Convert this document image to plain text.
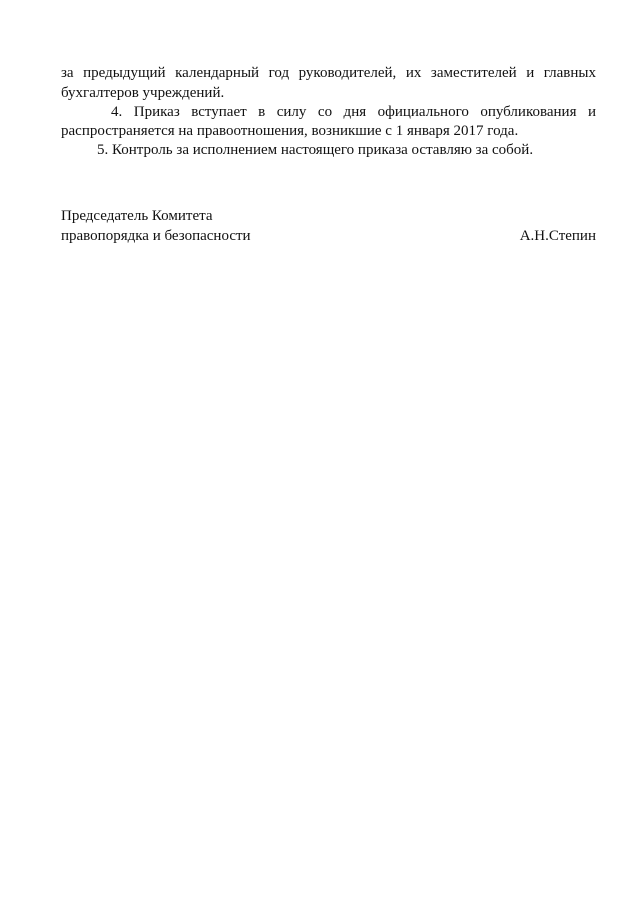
за предыдущий календарный год руководителей, их заместителей и главных
бухгалтеров учреждений.
4. Приказ вступает в силу со дня официального опубликования и
распространяется на правоотношения, возникшие с 1 января 2017 года.
5. Контроль за исполнением настоящего приказа оставляю за собой.
Председатель Комитета
правопорядка и безопасности	А.Н.Степин
